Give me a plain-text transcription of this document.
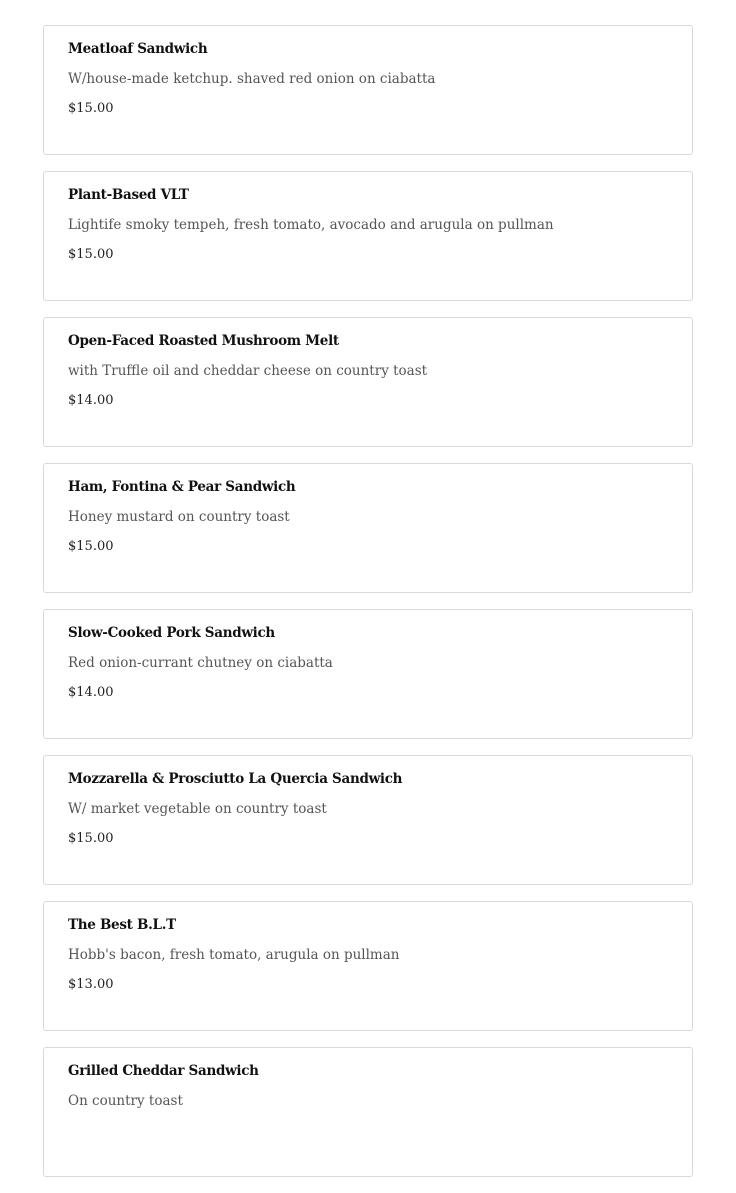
Meatloaf Sandwich
W/house-made ketchup. shaved red onion on ciabatta
$15.00
Plant-Based VLT
Lightife smoky tempeh, fresh tomato, avocado and arugula on pullman
$15.00
Open-Faced Roasted Mushroom Melt
with Truffle oil and cheddar cheese on country toast
$14.00
Ham, Fontina & Pear Sandwich
Honey mustard on country toast
$15.00
Slow-Cooked Pork Sandwich
Red onion-currant chutney on ciabatta
$14.00
Mozzarella & Prosciutto La Quercia Sandwich
W/ market vegetable on country toast
$15.00
The Best B.L.T
Hobb's bacon, fresh tomato, arugula on pullman
$13.00
Grilled Cheddar Sandwich
On country toast
